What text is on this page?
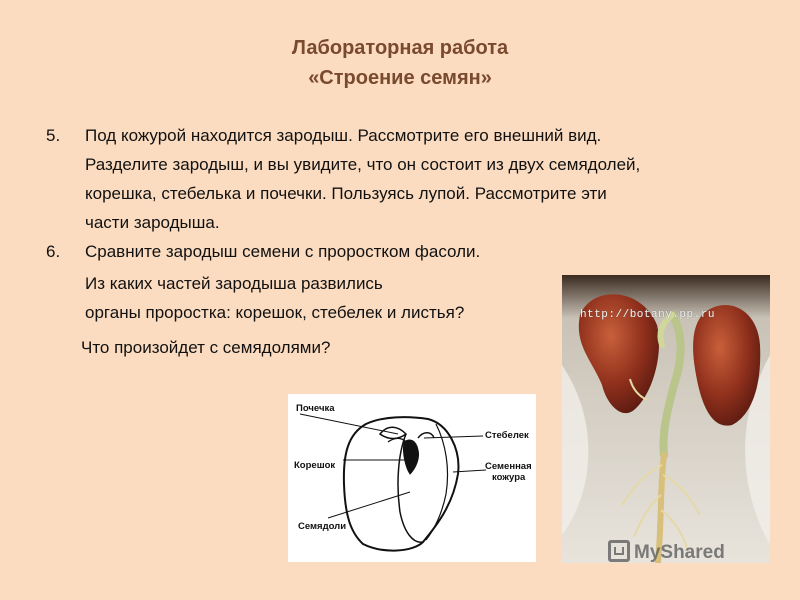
Лабораторная работа
«Строение семян»
5. Под кожурой находится зародыш. Рассмотрите его внешний вид.
Разделите зародыш, и вы увидите, что он состоит из двух семядолей,
корешка, стебелька и почечки. Пользуясь лупой. Рассмотрите эти
части зародыша.
6. Сравните зародыш семени с проростком фасоли.
Из каких частей зародыша развились
органы проростка: корешок, стебелек и листья?
Что произойдет с семядолями?
Почечка
Корешок
Семядоли
Стебелек
Семенная
кожура
http://botany.pp.ru
MyShared
